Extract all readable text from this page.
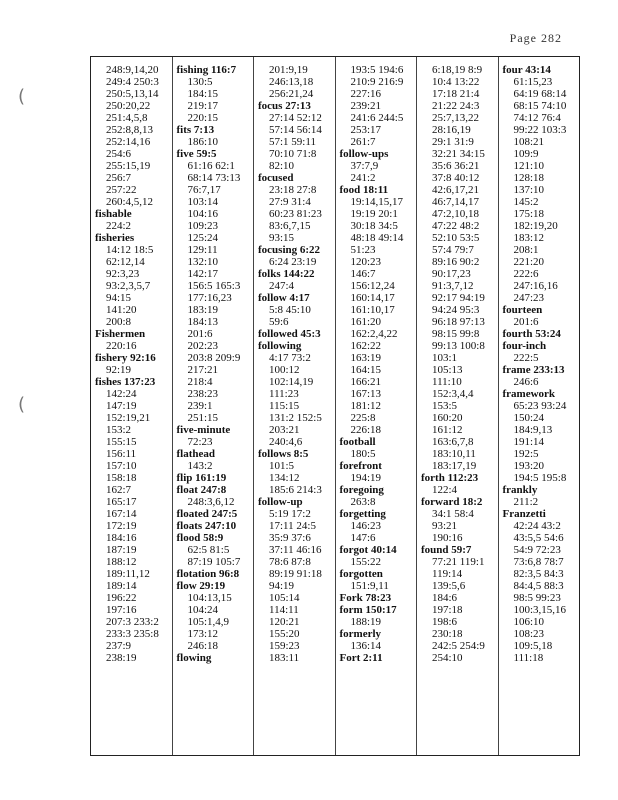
Page 282
(
(
248:9,14,20
249:4 250:3
250:5,13,14
250:20,22
251:4,5,8
252:8,8,13
252:14,16
254:6
255:15,19
256:7
257:22
260:4,5,12
fishable
224:2
fisheries
14:12 18:5
62:12,14
92:3,23
93:2,3,5,7
94:15
141:20
200:8
Fishermen
220:16
fishery 92:16
92:19
fishes 137:23
142:24
147:19
152:19,21
153:2
155:15
156:11
157:10
158:18
162:7
165:17
167:14
172:19
184:16
187:19
188:12
189:11,12
189:14
196:22
197:16
207:3 233:2
233:3 235:8
237:9
238:19
fishing 116:7
130:5
184:15
219:17
220:15
fits 7:13
186:10
five 59:5
61:16 62:1
68:14 73:13
76:7,17
103:14
104:16
109:23
125:24
129:11
132:10
142:17
156:5 165:3
177:16,23
183:19
184:13
201:6
202:23
203:8 209:9
217:21
218:4
238:23
239:1
251:15
five-minute
72:23
flathead
143:2
flip 161:19
float 247:8
248:3,6,12
floated 247:5
floats 247:10
flood 58:9
62:5 81:5
87:19 105:7
flotation 96:8
flow 29:19
104:13,15
104:24
105:1,4,9
173:12
246:18
flowing
201:9,19
246:13,18
256:21,24
focus 27:13
27:14 52:12
57:14 56:14
57:1 59:11
70:10 71:8
82:10
focused
23:18 27:8
27:9 31:4
60:23 81:23
83:6,7,15
93:15
focusing 6:22
6:24 23:19
folks 144:22
247:4
follow 4:17
5:8 45:10
59:6
followed 45:3
following
4:17 73:2
100:12
102:14,19
111:23
115:15
131:2 152:5
203:21
240:4,6
follows 8:5
101:5
134:12
185:6 214:3
follow-up
5:19 17:2
17:11 24:5
35:9 37:6
37:11 46:16
78:6 87:8
89:19 91:18
94:19
105:14
114:11
120:21
155:20
159:23
183:11
193:5 194:6
210:9 216:9
227:16
239:21
241:6 244:5
253:17
261:7
follow-ups
37:7,9
241:2
food 18:11
19:14,15,17
19:19 20:1
30:18 34:5
48:18 49:14
51:23
120:23
146:7
156:12,24
160:14,17
161:10,17
161:20
162:2,4,22
162:22
163:19
164:15
166:21
167:13
181:12
225:8
226:18
football
180:5
forefront
194:19
foregoing
263:8
forgetting
146:23
147:6
forgot 40:14
155:22
forgotten
151:9,11
Fork 78:23
form 150:17
188:19
formerly
136:14
Fort 2:11
6:18,19 8:9
10:4 13:22
17:18 21:4
21:22 24:3
25:7,13,22
28:16,19
29:1 31:9
32:21 34:15
35:6 36:21
37:8 40:12
42:6,17,21
46:7,14,17
47:2,10,18
47:22 48:2
52:10 53:5
57:4 79:7
89:16 90:2
90:17,23
91:3,7,12
92:17 94:19
94:24 95:3
96:18 97:13
98:15 99:8
99:13 100:8
103:1
105:13
111:10
152:3,4,4
153:5
160:20
161:12
163:6,7,8
183:10,11
183:17,19
forth 112:23
122:4
forward 18:2
34:1 58:4
93:21
190:16
found 59:7
77:21 119:1
119:14
139:5,6
184:6
197:18
198:6
230:18
242:5 254:9
254:10
four 43:14
61:15,23
64:19 68:14
68:15 74:10
74:12 76:4
99:22 103:3
108:21
109:9
121:10
128:18
137:10
145:2
175:18
182:19,20
183:12
208:1
221:20
222:6
247:16,16
247:23
fourteen
201:6
fourth 53:24
four-inch
222:5
frame 233:13
246:6
framework
65:23 93:24
150:24
184:9,13
191:14
192:5
193:20
194:5 195:8
frankly
211:2
Franzetti
42:24 43:2
43:5,5 54:6
54:9 72:23
73:6,8 78:7
82:3,5 84:3
84:4,5 88:3
98:5 99:23
100:3,15,16
106:10
108:23
109:5,18
111:18
